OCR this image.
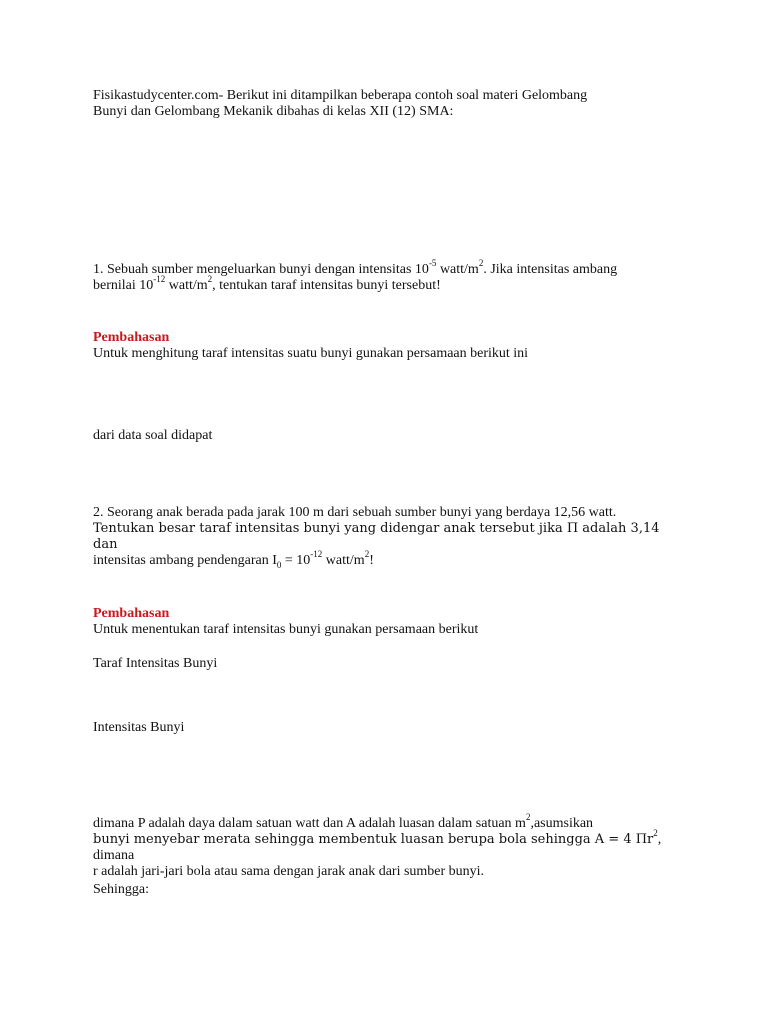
Fisikastudycenter.com- Berikut ini ditampilkan beberapa contoh soal materi Gelombang
Bunyi dan Gelombang Mekanik dibahas di kelas XII (12) SMA:

1. Sebuah sumber mengeluarkan bunyi dengan intensitas $10^{-5}$ watt/$m^2$. Jika intensitas ambang
bernilai $10^{-12}$ watt/$m^2$, tentukan taraf intensitas bunyi tersebut!

Pembahasan
Untuk menghitung taraf intensitas suatu bunyi gunakan persamaan berikut ini

dari data soal didapat

2. Seorang anak berada pada jarak 100 m dari sebuah sumber bunyi yang berdaya 12,56 watt.
Tentukan besar taraf intensitas bunyi yang didengar anak tersebut jika Π adalah 3,14 dan
intensitas ambang pendengaran $I_0 = 10^{-12}$ watt/$m^2$!

Pembahasan
Untuk menentukan taraf intensitas bunyi gunakan persamaan berikut

Taraf Intensitas Bunyi

Intensitas Bunyi

dimana P adalah daya dalam satuan watt dan A adalah luasan dalam satuan $m^2,asumsikan$
bunyi menyebar merata sehingga membentuk luasan berupa bola sehingga A = 4 $\Pi r^2$, dimana
r adalah jari-jari bola atau sama dengan jarak anak dari sumber bunyi.

Sehingga:
